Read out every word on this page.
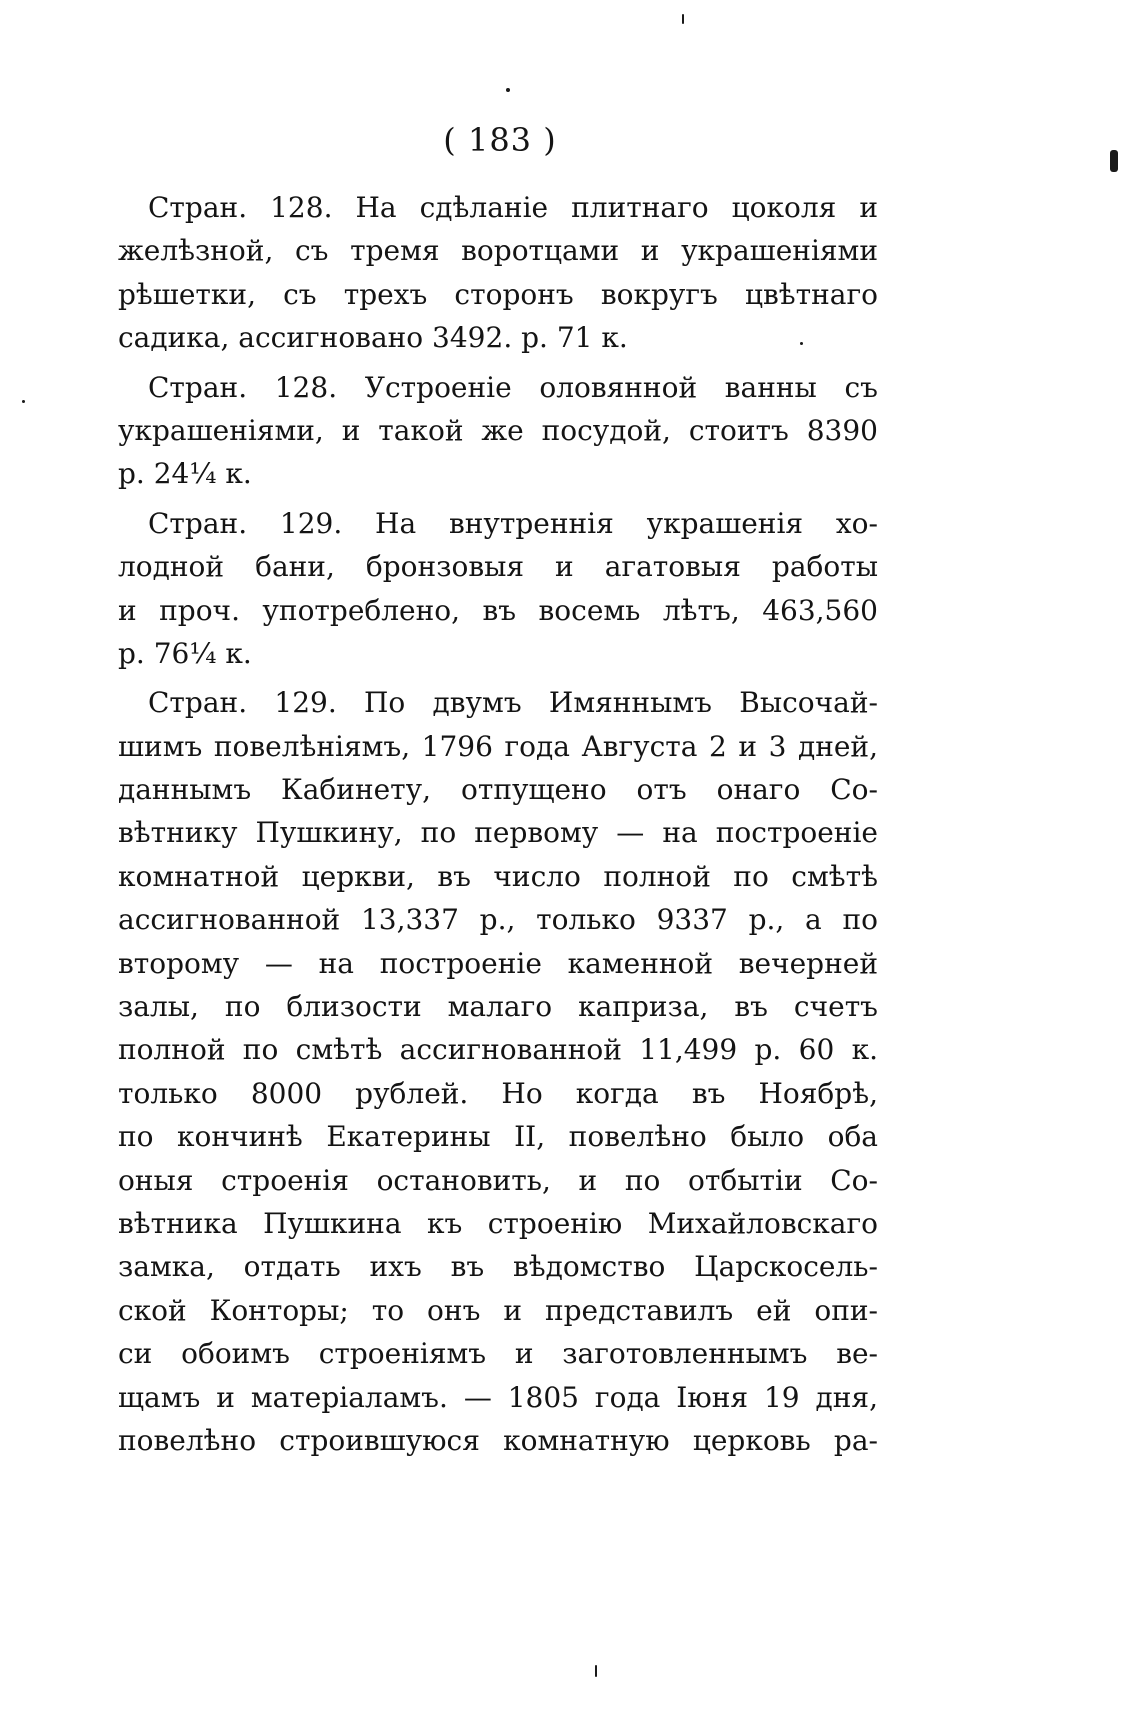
( 183 )
Стран. 128. На сдѣланіе плитнаго цоколя и
желѣзной, съ тремя воротцами и украшеніями
рѣшетки, съ трехъ сторонъ вокругъ цвѣтнаго
садика, ассигновано 3492. р. 71 к.
Стран. 128. Устроеніе оловянной ванны съ
украшеніями, и такой же посудой, стоитъ 8390
р. 24¼ к.
Стран. 129. На внутреннія украшенія хо-
лодной бани, бронзовыя и агатовыя работы
и проч. употреблено, въ восемь лѣтъ, 463,560
р. 76¼ к.
Стран. 129. По двумъ Имяннымъ Высочай-
шимъ повелѣніямъ, 1796 года Августа 2 и 3 дней,
даннымъ Кабинету, отпущено отъ онаго Со-
вѣтнику Пушкину, по первому — на построеніе
комнатной церкви, въ число полной по смѣтѣ
ассигнованной 13,337 р., только 9337 р., а по
второму — на построеніе каменной вечерней
залы, по близости малаго каприза, въ счетъ
полной по смѣтѣ ассигнованной 11,499 р. 60 к.
только 8000 рублей. Но когда въ Ноябрѣ,
по кончинѣ Екатерины II, повелѣно было оба
оныя строенія остановить, и по отбытіи Со-
вѣтника Пушкина къ строенію Михайловскаго
замка, отдать ихъ въ вѣдомство Царскосель-
ской Конторы; то онъ и представилъ ей опи-
си обоимъ строеніямъ и заготовленнымъ ве-
щамъ и матеріаламъ. — 1805 года Іюня 19 дня,
повелѣно строившуюся комнатную церковь ра-
